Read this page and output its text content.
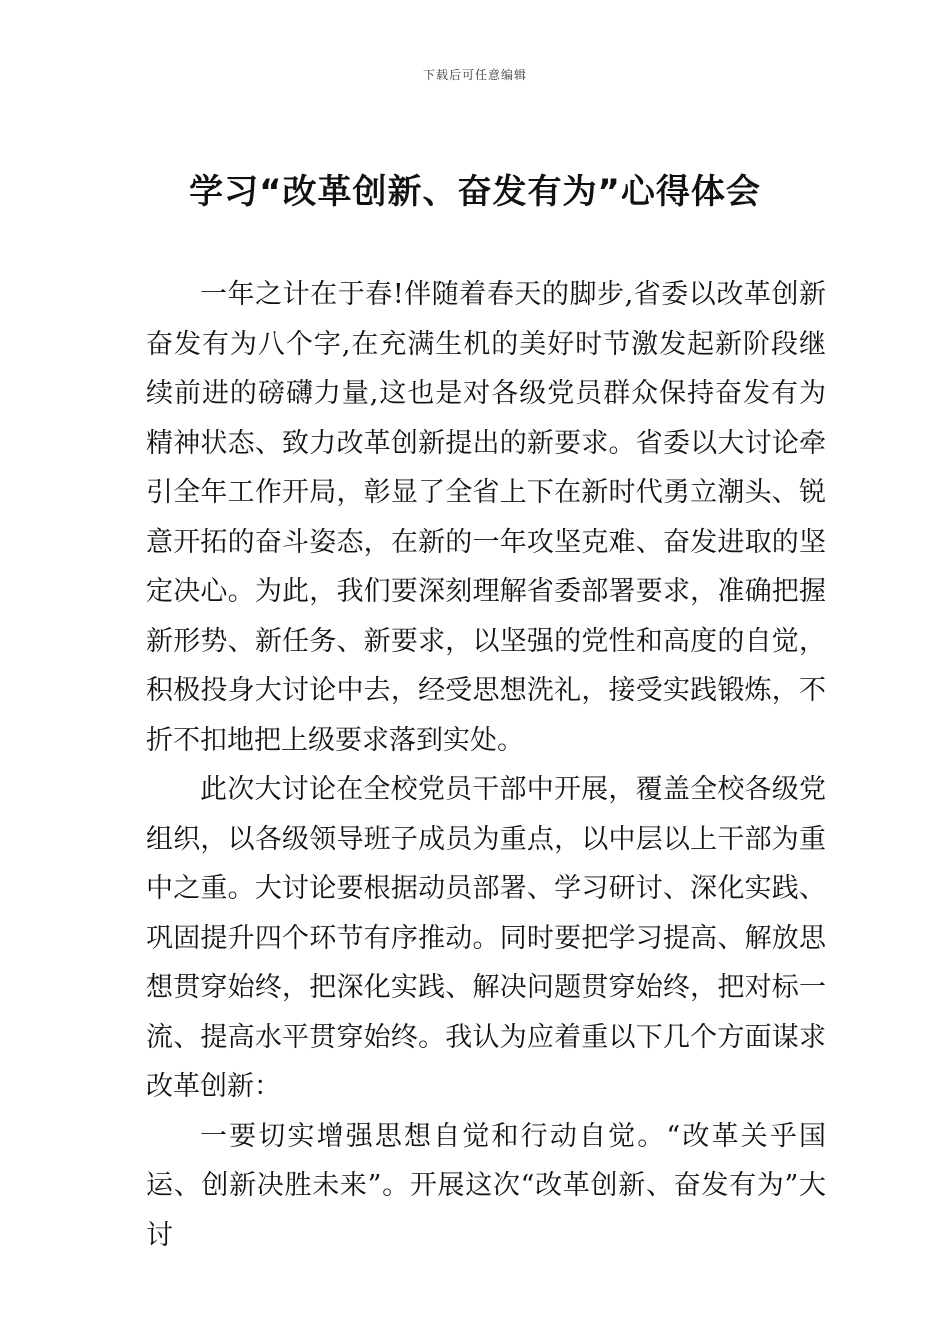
下载后可任意编辑
学习“改革创新、奋发有为”心得体会

一年之计在于春!伴随着春天的脚步,省委以改革创新奋发有为八个字,在充满生机的美好时节激发起新阶段继续前进的磅礴力量,这也是对各级党员群众保持奋发有为精神状态、致力改革创新提出的新要求。省委以大讨论牵引全年工作开局，彰显了全省上下在新时代勇立潮头、锐意开拓的奋斗姿态，在新的一年攻坚克难、奋发进取的坚定决心。为此，我们要深刻理解省委部署要求，准确把握新形势、新任务、新要求，以坚强的党性和高度的自觉，积极投身大讨论中去，经受思想洗礼，接受实践锻炼，不折不扣地把上级要求落到实处。

此次大讨论在全校党员干部中开展，覆盖全校各级党组织，以各级领导班子成员为重点，以中层以上干部为重中之重。大讨论要根据动员部署、学习研讨、深化实践、巩固提升四个环节有序推动。同时要把学习提高、解放思想贯穿始终，把深化实践、解决问题贯穿始终，把对标一流、提高水平贯穿始终。我认为应着重以下几个方面谋求改革创新：

一要切实增强思想自觉和行动自觉。“改革关乎国运、创新决胜未来”。开展这次“改革创新、奋发有为”大讨
